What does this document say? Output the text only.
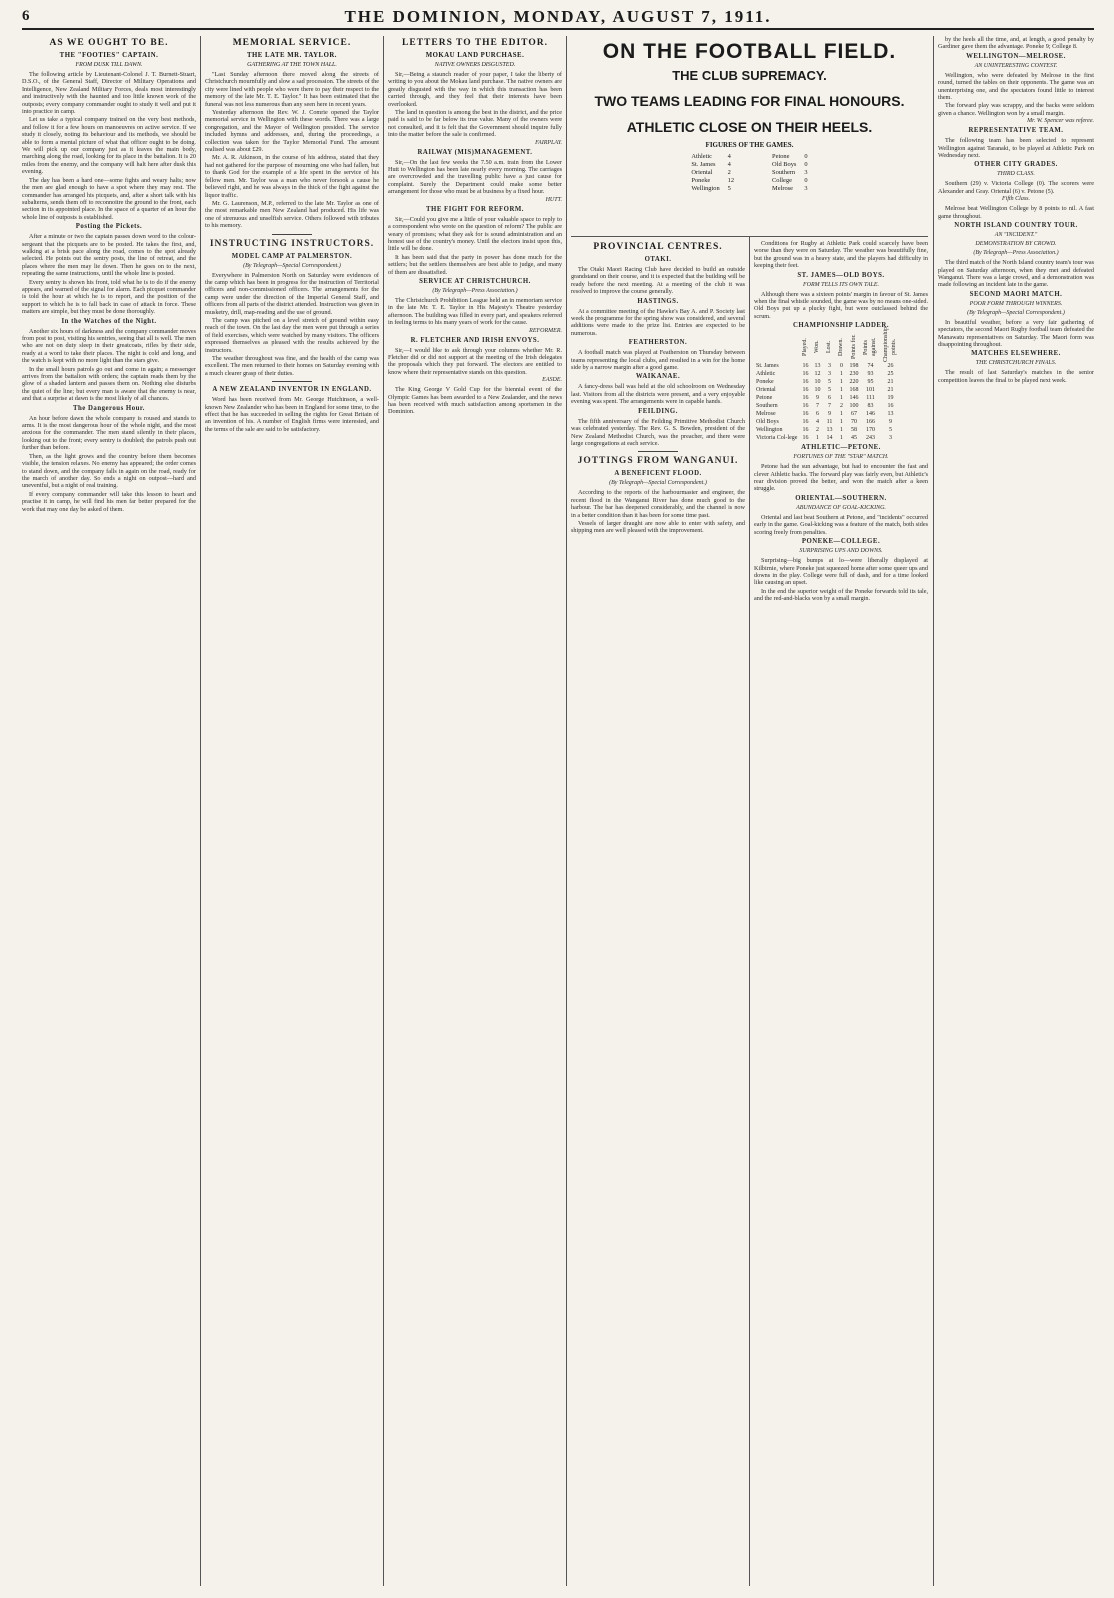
6	THE DOMINION, MONDAY, AUGUST 7, 1911.
AS WE OUGHT TO BE.
THE "FOOTIES" CAPTAIN.
FROM DUSK TILL DAWN.

The following article by Lieutenant-Colonel J. T. Burnett-Stuart, D.S.O., of the General Staff, Director of Military Operations and Intelligence, New Zealand Military Forces, deals most interestingly and instructively with the haunted and too little known work of the outposts; every company commander ought to study it well and put it into practice in camp.

Let us take a typical company trained on the very best methods, and follow it for a few hours on manoeuvres on active service. If we study it closely, noting its behaviour and its methods, we should be able to form a mental picture of what that officer ought to be doing. We will pick up our company just as it leaves the main body, marching along the road, looking for its place in the battalion. It is 20 miles from the enemy, and the company will halt here after dusk this evening.

The day has been a hard one—some fights and weary halts; now the men are glad enough to have a spot where they may rest. The commander has arranged his picquets, and, after a short talk with his subalterns, sends them off to reconnoitre the ground to the front, each section in its appointed place. In the space of a quarter of an hour the whole line of outposts is established.

Posting the Pickets.

After a minute or two the captain passes down word to the colour-sergeant that the picquets are to be posted. He takes the first, and, walking at a brisk pace along the road, comes to the spot already selected. He points out the sentry posts, the line of retreat, and the places where the men may lie down. Then he goes on to the next, repeating the same instructions, until the whole line is posted.

Every sentry is shown his front, told what he is to do if the enemy appears, and warned of the signal for alarm. Each picquet commander is told the hour at which he is to report, and the position of the support to which he is to fall back in case of attack in force. These matters are simple, but they must be done thoroughly.

In the Watches of the Night.

Another six hours of darkness and the company commander moves from post to post, visiting his sentries, seeing that all is well. The men who are not on duty sleep in their greatcoats, rifles by their side, ready at a word to take their places. The night is cold and long, and the watch is kept with no more light than the stars give.

In the small hours patrols go out and come in again; a messenger arrives from the battalion with orders; the captain reads them by the glow of a shaded lantern and passes them on. Nothing else disturbs the quiet of the line; but every man is aware that the enemy is near, and that a surprise at dawn is the most likely of all chances.

The Dangerous Hour.

An hour before dawn the whole company is roused and stands to arms. It is the most dangerous hour of the whole night, and the most anxious for the commander. The men stand silently in their places, looking out to the front; every sentry is doubled; the patrols push out further than before.

Then, as the light grows and the country before them becomes visible, the tension relaxes. No enemy has appeared; the order comes to stand down, and the company falls in again on the road, ready for the march of another day. So ends a night on outpost—hard and uneventful, but a night of real training.

If every company commander will take this lesson to heart and practise it in camp, he will find his men far better prepared for the work that may one day be asked of them.

MEMORIAL SERVICE.
THE LATE MR. TAYLOR.
GATHERING AT THE TOWN HALL.

"Last Sunday afternoon there moved along the streets of Christchurch mournfully and slow a sad procession. The streets of the city were lined with people who were there to pay their respect to the memory of the late Mr. T. E. Taylor." It has been estimated that the funeral was not less numerous than any seen here in recent years.

Yesterday afternoon the Rev. W. J. Comrie opened the Taylor memorial service in Wellington with these words. There was a large congregation, and the Mayor of Wellington presided. The service included hymns and addresses, and, during the proceedings, a collection was taken for the Taylor Memorial Fund. The amount realised was about £29.

Mr. A. R. Atkinson, in the course of his address, stated that they had not gathered for the purpose of mourning one who had fallen, but to thank God for the example of a life spent in the service of his fellow men. Mr. Taylor was a man who never forsook a cause he believed right, and he was always in the thick of the fight against the liquor traffic.

Mr. G. Laurenson, M.P., referred to the late Mr. Taylor as one of the most remarkable men New Zealand had produced. His life was one of strenuous and unselfish service. Others followed with tributes to his memory.

INSTRUCTING INSTRUCTORS.
MODEL CAMP AT PALMERSTON.
(By Telegraph—Special Correspondent.)

Everywhere in Palmerston North on Saturday were evidences of the camp which has been in progress for the instruction of Territorial officers and non-commissioned officers. The arrangements for the camp were under the direction of the Imperial General Staff, and officers from all parts of the district attended. Instruction was given in musketry, drill, map-reading and the use of ground.

The camp was pitched on a level stretch of ground within easy reach of the town. On the last day the men were put through a series of field exercises, which were watched by many visitors. The officers expressed themselves as pleased with the results achieved by the instructors.

The weather throughout was fine, and the health of the camp was excellent. The men returned to their homes on Saturday evening with a much clearer grasp of their duties.

A NEW ZEALAND INVENTOR IN ENGLAND.

Word has been received from Mr. George Hutchinson, a well-known New Zealander who has been in England for some time, to the effect that he has succeeded in selling the rights for Great Britain of an invention of his. A number of English firms were interested, and the terms of the sale are said to be satisfactory.

LETTERS TO THE EDITOR.
MOKAU LAND PURCHASE.
NATIVE OWNERS DISGUSTED.

Sir,—Being a staunch reader of your paper, I take the liberty of writing to you about the Mokau land purchase. The native owners are greatly disgusted with the way in which this transaction has been carried through, and they feel that their interests have been overlooked.

The land in question is among the best in the district, and the price paid is said to be far below its true value. Many of the owners were not consulted, and it is felt that the Government should inquire fully into the matter before the sale is confirmed.

FAIRPLAY.
RAILWAY (MIS)MANAGEMENT.

Sir,—On the last few weeks the 7.50 a.m. train from the Lower Hutt to Wellington has been late nearly every morning. The carriages are overcrowded and the travelling public have a just cause for complaint. Surely the Department could make some better arrangement for those who must be at business by a fixed hour.

HUTT.
THE FIGHT FOR REFORM.

Sir,—Could you give me a little of your valuable space to reply to a correspondent who wrote on the question of reform? The public are weary of promises; what they ask for is sound administration and an honest use of the country's money. Until the electors insist upon this, little will be done.

It has been said that the party in power has done much for the settlers; but the settlers themselves are best able to judge, and many of them are dissatisfied.

SERVICE AT CHRISTCHURCH.
(By Telegraph—Press Association.)

The Christchurch Prohibition League held an in memoriam service in the late Mr. T. E. Taylor in His Majesty's Theatre yesterday afternoon. The building was filled in every part, and speakers referred in feeling terms to his many years of work for the cause.

REFORMER.
R. FLETCHER AND IRISH ENVOYS.

Sir,—I would like to ask through your columns whether Mr. R. Fletcher did or did not support at the meeting of the Irish delegates the proposals which they put forward. The electors are entitled to know where their representative stands on this question.

EASDE.

The King George V Gold Cup for the biennial event of the Olympic Games has been awarded to a New Zealander, and the news has been received with much satisfaction among sportsmen in the Dominion.

PROVINCIAL CENTRES.
OTAKI.

The Otaki Maori Racing Club have decided to build an outside grandstand on their course, and it is expected that the building will be ready before the next meeting. At a meeting of the club it was resolved to improve the course generally.

HASTINGS.

At a committee meeting of the Hawke's Bay A. and P. Society last week the programme for the spring show was considered, and several additions were made to the prize list. Entries are expected to be numerous.

FEATHERSTON.

A football match was played at Featherston on Thursday between teams representing the local clubs, and resulted in a win for the home side by a narrow margin after a good game.

WAIKANAE.

A fancy-dress ball was held at the old schoolroom on Wednesday last. Visitors from all the districts were present, and a very enjoyable evening was spent. The arrangements were in capable hands.

FEILDING.

The fifth anniversary of the Feilding Primitive Methodist Church was celebrated yesterday. The Rev. G. S. Bowden, president of the New Zealand Methodist Church, was the preacher, and there were large congregations at each service.

JOTTINGS FROM WANGANUI.
A BENEFICENT FLOOD.
(By Telegraph—Special Correspondent.)

According to the reports of the harbourmaster and engineer, the recent flood in the Wanganui River has done much good to the harbour. The bar has deepened considerably, and the channel is now in a better condition than it has been for some time past.

Vessels of larger draught are now able to enter with safety, and shipping men are well pleased with the improvement.

ON THE FOOTBALL FIELD.
THE CLUB SUPREMACY.
TWO TEAMS LEADING FOR FINAL HONOURS.
ATHLETIC CLOSE ON THEIR HEELS.
FIGURES OF THE GAMES.
Athletic	4
St. James	4
Oriental	2
Poneke	12
Wellington	5
Petone	0
Old Boys	0
Southern	3
College	0
Melrose	3

Conditions for Rugby at Athletic Park could scarcely have been worse than they were on Saturday. The weather was beautifully fine, but the ground was in a heavy state, and the players had difficulty in keeping their feet.

ST. JAMES—OLD BOYS.
FORM TELLS ITS OWN TALE.

Although there was a sixteen points' margin in favour of St. James when the final whistle sounded, the game was by no means one-sided. Old Boys put up a plucky fight, but were outclassed behind the scrum.

CHAMPIONSHIP LADDER.
	Played.	Won.	Lost.	Drawn.	Points for.	Points against.	Championship points.
St. James	16	13	3	0	198	74	26
Athletic	16	12	3	1	230	93	25
Poneke	16	10	5	1	220	95	21
Oriental	16	10	5	1	168	101	21
Petone	16	9	6	1	146	111	19
Southern	16	7	7	2	100	83	16
Melrose	16	6	9	1	67	146	13
Old Boys	16	4	11	1	70	166	9
Wellington	16	2	13	1	58	170	5
Victoria Col-lege	16	1	14	1	45	243	3
ATHLETIC—PETONE.
FORTUNES OF THE "STAR" MATCH.

Petone had the sun advantage, but had to encounter the fast and clever Athletic backs. The forward play was fairly even, but Athletic's rear division proved the better, and won the match after a keen struggle.

ORIENTAL—SOUTHERN.
ABUNDANCE OF GOAL-KICKING.

Oriental and last beat Southern at Petone, and "incidents" occurred early in the game. Goal-kicking was a feature of the match, both sides scoring freely from penalties.

PONEKE—COLLEGE.
SURPRISING UPS AND DOWNS.

Surprising—big bumps at lo—were liberally displayed at Kilbirnie, where Poneke just squeezed home after some queer ups and downs in the play. College were full of dash, and for a time looked like causing an upset.

In the end the superior weight of the Poneke forwards told its tale, and the red-and-blacks won by a small margin.

by the heels all the time, and, at length, a good penalty by Gardiner gave them the advantage. Poneke 9; College 8.

WELLINGTON—MELROSE.
AN UNINTERESTING CONTEST.

Wellington, who were defeated by Melrose in the first round, turned the tables on their opponents. The game was an unenterprising one, and the spectators found little to interest them.

The forward play was scrappy, and the backs were seldom given a chance. Wellington won by a small margin.

Mr. W. Spencer was referee.
REPRESENTATIVE TEAM.

The following team has been selected to represent Wellington against Taranaki, to be played at Athletic Park on Wednesday next.

OTHER CITY GRADES.
THIRD CLASS.

Southern (29) v. Victoria College (0). The scorers were Alexander and Gray. Oriental (6) v. Petone (5).

Fifth Class.

Melrose beat Wellington College by 8 points to nil. A fast game throughout.

NORTH ISLAND COUNTRY TOUR.
AN "INCIDENT."
DEMONSTRATION BY CROWD.
(By Telegraph—Press Association.)

The third match of the North Island country team's tour was played on Saturday afternoon, when they met and defeated Wanganui. There was a large crowd, and a demonstration was made following an incident late in the game.

SECOND MAORI MATCH.
POOR FORM THROUGH WINNERS.
(By Telegraph—Special Correspondent.)

In beautiful weather, before a very fair gathering of spectators, the second Maori Rugby football team defeated the Manawatu representatives on Saturday. The Maori form was disappointing throughout.

MATCHES ELSEWHERE.
THE CHRISTCHURCH FINALS.

The result of last Saturday's matches in the senior competition leaves the final to be played next week.
